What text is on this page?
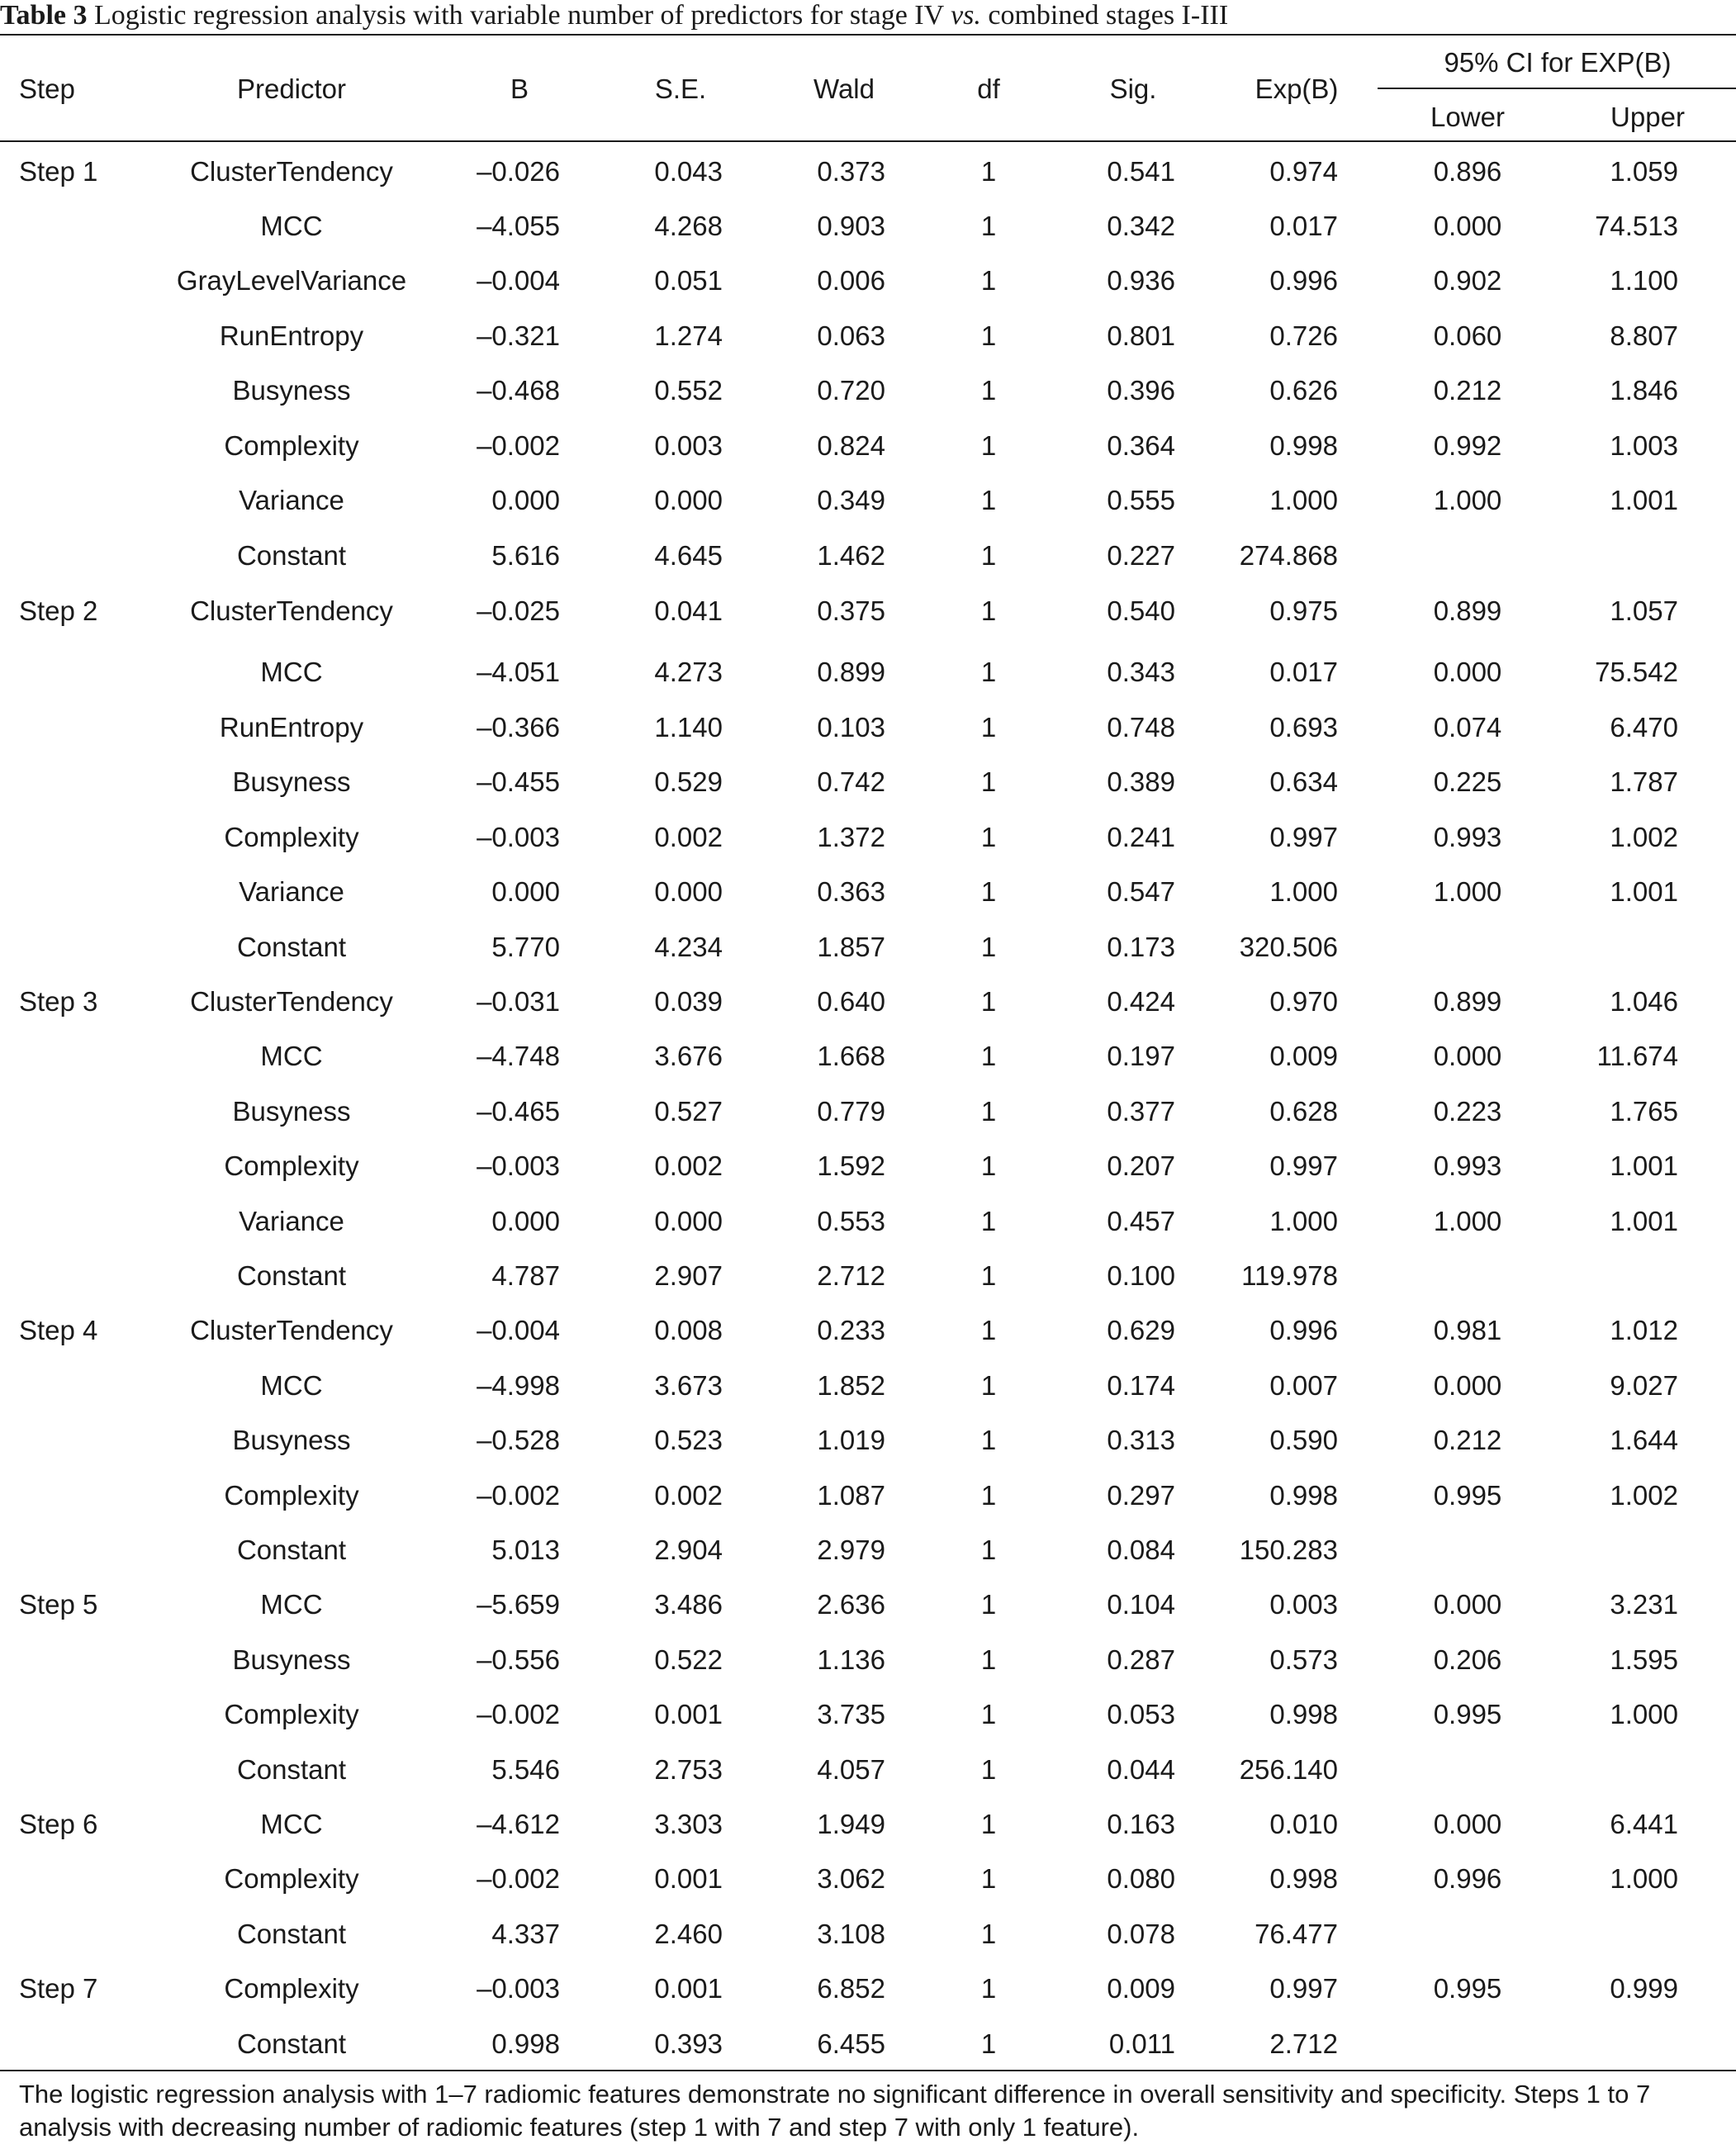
Table 3 Logistic regression analysis with variable number of predictors for stage IV vs. combined stages I-III
Step	Predictor	B	S.E.	Wald	df	Sig.	Exp(B)
95% CI for EXP(B)
Lower	Upper
Step 1	ClusterTendency	–0.026	0.043	0.373	1	0.541	0.974	0.896	1.059
MCC	–4.055	4.268	0.903	1	0.342	0.017	0.000	74.513
GrayLevelVariance	–0.004	0.051	0.006	1	0.936	0.996	0.902	1.100
RunEntropy	–0.321	1.274	0.063	1	0.801	0.726	0.060	8.807
Busyness	–0.468	0.552	0.720	1	0.396	0.626	0.212	1.846
Complexity	–0.002	0.003	0.824	1	0.364	0.998	0.992	1.003
Variance	0.000	0.000	0.349	1	0.555	1.000	1.000	1.001
Constant	5.616	4.645	1.462	1	0.227 274.868
Step 2	ClusterTendency	–0.025	0.041	0.375	1	0.540	0.975	0.899	1.057
MCC	–4.051	4.273	0.899	1	0.343	0.017	0.000	75.542
RunEntropy	–0.366	1.140	0.103	1	0.748	0.693	0.074	6.470
Busyness	–0.455	0.529	0.742	1	0.389	0.634	0.225	1.787
Complexity	–0.003	0.002	1.372	1	0.241	0.997	0.993	1.002
Variance	0.000	0.000	0.363	1	0.547	1.000	1.000	1.001
Constant	5.770	4.234	1.857	1	0.173 320.506
Step 3	ClusterTendency	–0.031	0.039	0.640	1	0.424	0.970	0.899	1.046
MCC	–4.748	3.676	1.668	1	0.197	0.009	0.000	11.674
Busyness	–0.465	0.527	0.779	1	0.377	0.628	0.223	1.765
Complexity	–0.003	0.002	1.592	1	0.207	0.997	0.993	1.001
Variance	0.000	0.000	0.553	1	0.457	1.000	1.000	1.001
Constant	4.787	2.907	2.712	1	0.100 119.978
Step 4	ClusterTendency	–0.004	0.008	0.233	1	0.629	0.996	0.981	1.012
MCC	–4.998	3.673	1.852	1	0.174	0.007	0.000	9.027
Busyness	–0.528	0.523	1.019	1	0.313	0.590	0.212	1.644
Complexity	–0.002	0.002	1.087	1	0.297	0.998	0.995	1.002
Constant	5.013	2.904	2.979	1	0.084 150.283
Step 5	MCC	–5.659	3.486	2.636	1	0.104	0.003	0.000	3.231
Busyness	–0.556	0.522	1.136	1	0.287	0.573	0.206	1.595
Complexity	–0.002	0.001	3.735	1	0.053	0.998	0.995	1.000
Constant	5.546	2.753	4.057	1	0.044 256.140
Step 6	MCC	–4.612	3.303	1.949	1	0.163	0.010	0.000	6.441
Complexity	–0.002	0.001	3.062	1	0.080	0.998	0.996	1.000
Constant	4.337	2.460	3.108	1	0.078	76.477
Step 7	Complexity	–0.003	0.001	6.852	1	0.009	0.997	0.995	0.999
Constant	0.998	0.393	6.455	1	0.011	2.712
The logistic regression analysis with 1–7 radiomic features demonstrate no significant difference in overall sensitivity and specificity. Steps 1 to 7 analysis with decreasing number of radiomic features (step 1 with 7 and step 7 with only 1 feature).
